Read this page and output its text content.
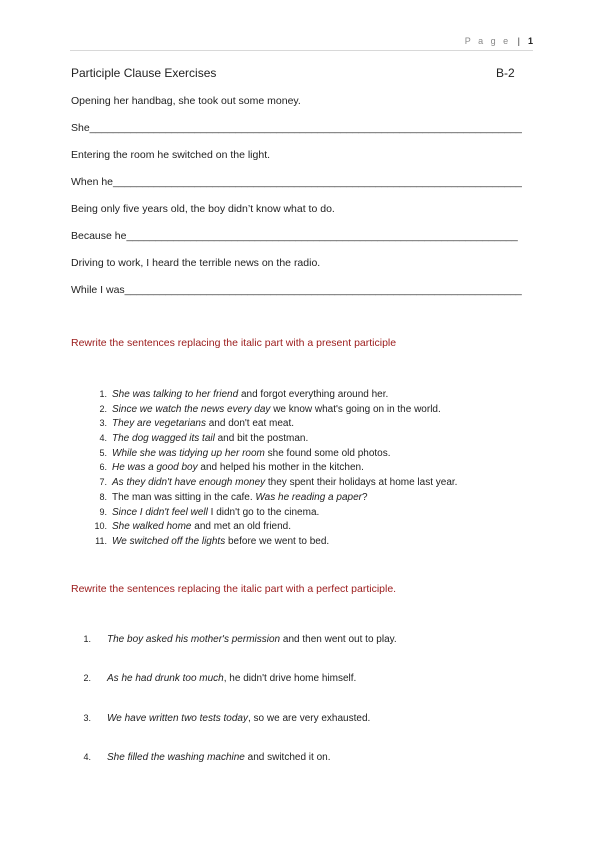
P a g e | 1
Participle Clause Exercises	B-2
Opening her handbag, she took out some money.
She__________________________________________________________________________
Entering the room he switched on the light.
When he______________________________________________________________________
Being only five years old, the boy didn’t know what to do.
Because he___________________________________________________________________
Driving to work, I heard the terrible news on the radio.
While I was____________________________________________________________________
Rewrite the sentences replacing the italic part with a present participle
1. She was talking to her friend and forgot everything around her.
2. Since we watch the news every day we know what's going on in the world.
3. They are vegetarians and don't eat meat.
4. The dog wagged its tail and bit the postman.
5. While she was tidying up her room she found some old photos.
6. He was a good boy and helped his mother in the kitchen.
7. As they didn't have enough money they spent their holidays at home last year.
8. The man was sitting in the cafe. Was he reading a paper?
9. Since I didn't feel well I didn't go to the cinema.
10. She walked home and met an old friend.
11. We switched off the lights before we went to bed.
Rewrite the sentences replacing the italic part with a perfect participle.
1. The boy asked his mother's permission and then went out to play.
2. As he had drunk too much, he didn't drive home himself.
3. We have written two tests today, so we are very exhausted.
4. She filled the washing machine and switched it on.
